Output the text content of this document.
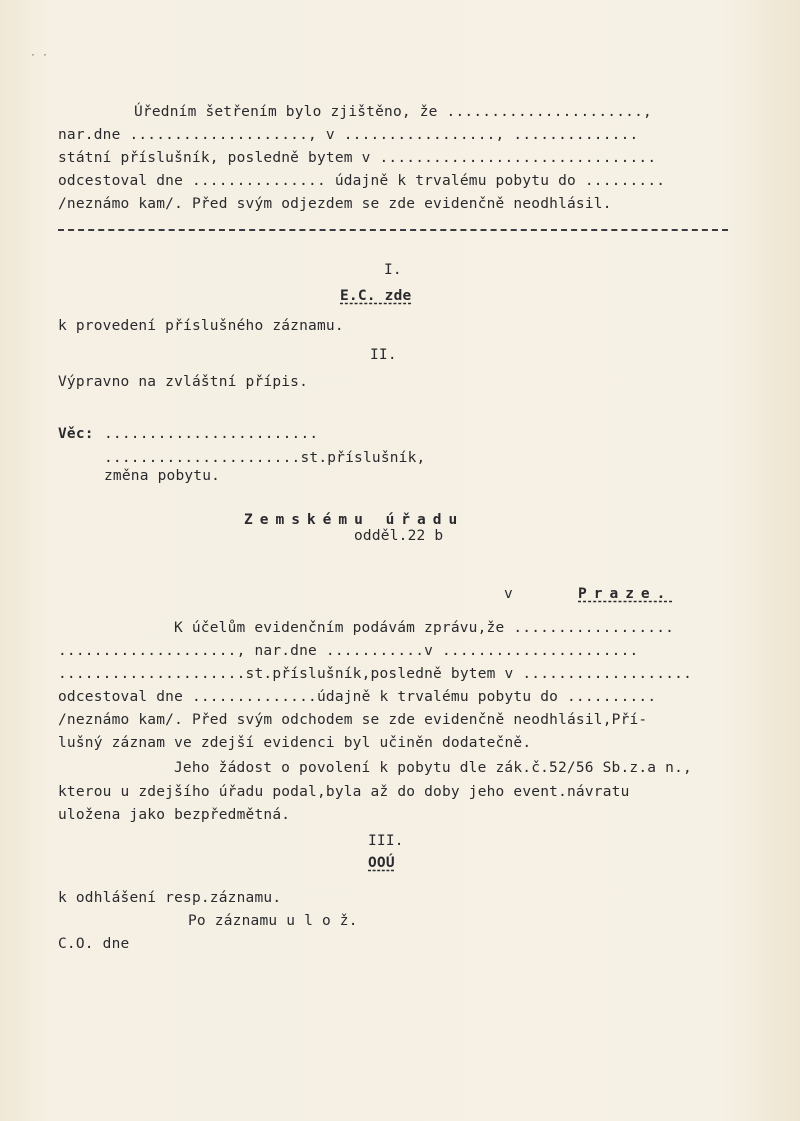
· ·
Úředním šetřením bylo zjištěno, že ......................,
nar.dne ...................., v ................., ..............
státní příslušník, posledně bytem v ...............................
odcestoval dne ............... údajně k trvalému pobytu do .........
/neznámo kam/. Před svým odjezdem se zde evidenčně neodhlásil.
I.
E.C. zde
k provedení příslušného záznamu.
II.
Výpravno na zvláštní přípis.
Věc: ........................
......................st.příslušník,
změna pobytu.
Zemskému úřadu
odděl.22 b
v	Praze.
K účelům evidenčním podávám zprávu,že ..................
...................., nar.dne ...........v ......................
.....................st.příslušník,posledně bytem v ...................
odcestoval dne ..............údajně k trvalému pobytu do ..........
/neznámo kam/. Před svým odchodem se zde evidenčně neodhlásil,Pří-
lušný záznam ve zdejší evidenci byl učiněn dodatečně.
Jeho žádost o povolení k pobytu dle zák.č.52/56 Sb.z.a n.,
kterou u zdejšího úřadu podal,byla až do doby jeho event.návratu
uložena jako bezpředmětná.
III.
OOÚ
k odhlášení resp.záznamu.
Po záznamu u l o ž.
C.O. dne
